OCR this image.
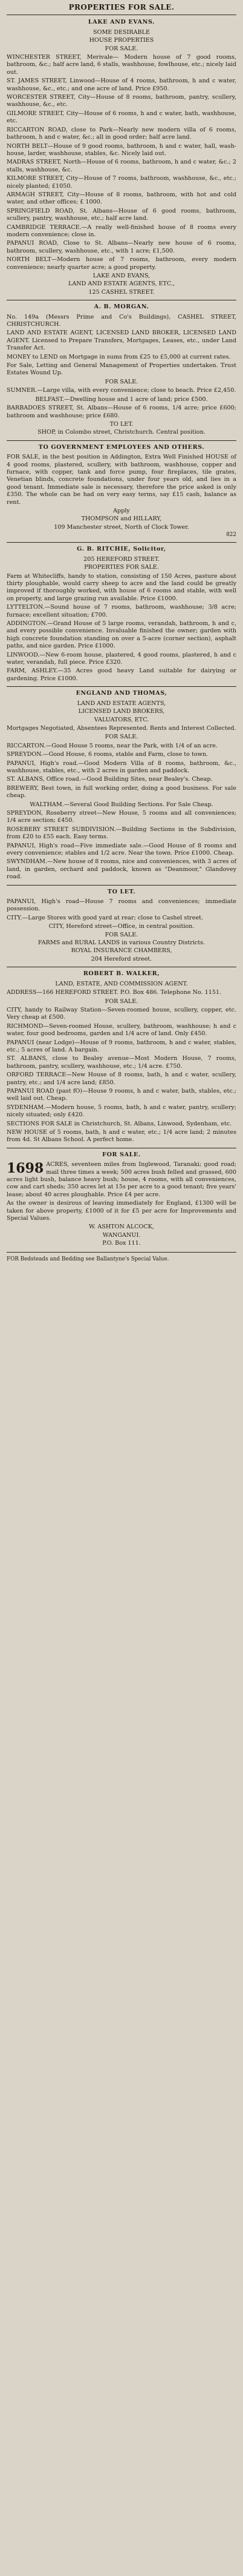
PROPERTIES FOR SALE.
LAKE AND EVANS.
SOME DESIRABLE
HOUSE PROPERTIES
FOR SALE.
WINCHESTER STREET, Merivale— Modern house of 7 good rooms, bathroom, &c.; half acre land, 6 stalls, washhouse, fowlhouse, etc.; nicely laid out.
ST. JAMES STREET, Linwood—House of 4 rooms, bathroom, h and c water, washhouse, &c., etc.; and one acre of land. Price £950.
WORCESTER STREET, City—House of 8 rooms, bathroom, pantry, scullery, washhouse, &c., etc.
GILMORE STREET, City—House of 6 rooms, h and c water, bath, washhouse, etc.
RICCARTON ROAD, close to Park—Nearly new modern villa of 6 rooms, bathroom, h and c water, &c.; all in good order; half acre land.
NORTH BELT—House of 9 good rooms, bathroom, h and c water, hall, wash-house, larder, washhouse, stables, &c. Nicely laid out.
MADRAS STREET, North—House of 6 rooms, bathroom, h and c water, &c.; 2 stalls, washhouse, &c.
KILMORE STREET, City—House of 7 rooms, bathroom, washhouse, &c., etc.; nicely planted; £1050.
ARMAGH STREET, City—House of 8 rooms, bathroom, with hot and cold water, and other offices; £ 1000.
SPRINGFIELD ROAD, St. Albans—House of 6 good rooms, bathroom, scullery, pantry, washhouse, etc.; half acre land.
CAMBRIDGE TERRACE.—A really well-finished house of 8 rooms every modern convenience; close in.
PAPANUI ROAD, Close to St. Albans—Nearly new house of 6 rooms, bathroom, scullery, washhouse, etc., with 1 acre; £1,500.
NORTH BELT—Modern house of 7 rooms, bathroom, every modern convenience; nearly quarter acre; a good property.
LAKE AND EVANS,
LAND AND ESTATE AGENTS, ETC.,
125 CASHEL STREET.
A. B. MORGAN.
No. 149a (Messrs Prime and Co's Buildings), CASHEL STREET, CHRISTCHURCH.
LAND AND ESTATE AGENT, LICENSED LAND BROKER, LICENSED LAND AGENT. Licensed to Prepare Transfers, Mortgages, Leases, etc., under Land Transfer Act.
MONEY to LEND on Mortgage in sums from £25 to £5,000 at current rates.
For Sale, Letting and General Management of Properties undertaken. Trust Estates Wound Up.
FOR SALE.
SUMNER.—Large villa, with every convenience; close to beach. Price £2,450.
BELFAST.—Dwelling house and 1 acre of land; price £500.
BARBADOES STREET, St. Albans—House of 6 rooms, 1/4 acre; price £600; bathroom and washhouse; price £680.
TO LET.
SHOP, in Colombo street, Christchurch. Central position.
TO GOVERNMENT EMPLOYEES AND OTHERS.
FOR SALE, in the best position in Addington, Extra Well Finished HOUSE of 4 good rooms, plastered, scullery, with bathroom, washhouse, copper and furnace, with copper, tank and force pump, four fireplaces, tile grates, Venetian blinds, concrete foundations, under four years old, and lies in a good tenant. Immediate sale is necessary, therefore the price asked is only £350. The whole can be had on very easy terms, say £15 cash, balance as rent.
Apply
THOMPSON and HILLARY,
109 Manchester street, North of Clock Tower.
822
G. B. RITCHIE, Solicitor,
205 HEREFORD STREET.
PROPERTIES FOR SALE.
Farm at Whitecliffs, handy to station, consisting of 150 Acres, pasture about thirty ploughable, would carry sheep to acre and the land could be greatly improved if thoroughly worked, with house of 6 rooms and stable, with well on property, and large grazing run available. Price £1000.
LYTTELTON.—Sound house of 7 rooms, bathroom, washhouse; 3/8 acre; furnace; excellent situation; £700.
ADDINGTON.—Grand House of 5 large rooms, verandah, bathroom, h and c, and every possible convenience. Invaluable finished the owner; garden with high concrete foundation standing on over a 5-acre (corner section), asphalt paths, and nice garden. Price £1000.
LINWOOD.—New 6-room house, plastered, 4 good rooms, plastered, h and c water, verandah, full piece. Price £320.
FARM, ASHLEY.—35 Acres good heavy Land suitable for dairying or gardening. Price £1000.
ENGLAND AND THOMAS,
LAND AND ESTATE AGENTS,
LICENSED LAND BROKERS,
VALUATORS, ETC.
Mortgages Negotiated, Absentees Represented. Rents and Interest Collected.
FOR SALE.
RICCARTON.—Good House 5 rooms, near the Park, with 1/4 of an acre.
SPREYDON.—Good House, 6 rooms, stable and Farm, close to town.
PAPANUI, High's road.—Good Modern Villa of 8 rooms, bathroom, &c., washhouse, stables, etc., with 2 acres in garden and paddock.
ST. ALBANS, Office road.—Good Building Sites, near Bealey's. Cheap.
BREWERY, Best town, in full working order, doing a good business. For sale cheap.
WALTHAM.—Several Good Building Sections. For Sale Cheap.
SPREYDON, Roseberry street—New House, 5 rooms and all conveniences; 1/4 acre section; £450.
ROSEBERY STREET SUBDIVISION.—Building Sections in the Subdivision, from £20 to £55 each. Easy terms.
PAPANUI, High's road—Five immediate sale.—Good House of 8 rooms and every convenience; stables and 1/2 acre. Near the town. Price £1000. Cheap.
SWYNDHAM.—New house of 8 rooms, nice and conveniences, with 3 acres of land, in garden, orchard and paddock, known as "Deanmoor," Glandovey road.
TO LET.
PAPANUI, High's road—House 7 rooms and conveniences; immediate possession.
CITY.—Large Stores with good yard at rear; close to Cashel street.
CITY, Hereford street—Office, in central position.
FOR SALE.
FARMS and RURAL LANDS in various Country Districts.
ROYAL INSURANCE CHAMBERS,
204 Hereford street.
ROBERT B. WALKER,
LAND, ESTATE, AND COMMISSION AGENT.
ADDRESS—166 HEREFORD STREET. P.O. Box 486. Telephone No. 1151.
FOR SALE.
CITY, handy to Railway Station—Seven-roomed house, scullery, copper, etc. Very cheap at £500.
RICHMOND—Seven-roomed House, scullery, bathroom, washhouse; h and c water, four good bedrooms, garden and 1/4 acre of land. Only £450.
PAPANUI (near Lodge)—House of 9 rooms, bathroom, h and c water, stables, etc.; 5 acres of land. A bargain.
ST. ALBANS, close to Bealey avenue—Most Modern House, 7 rooms, bathroom, pantry, scullery, washhouse, etc.; 1/4 acre. £750.
ORFORD TERRACE—New House of 8 rooms, bath, h and c water, scullery, pantry, etc.; and 1/4 acre land; £850.
PAPANUI ROAD (past fO)—House 9 rooms, h and c water, bath, stables, etc.; well laid out. Cheap.
SYDENHAM.—Modern house, 5 rooms, bath, h and c water, pantry, scullery; nicely situated; only £420.
SECTIONS FOR SALE in Christchurch, St. Albans, Linwood, Sydenham, etc.
NEW HOUSE of 5 rooms, bath, h and c water, etc.; 1/4 acre land; 2 minutes from 4d. St Albans School. A perfect home.
FOR SALE.
1698 ACRES, seventeen miles from Inglewood, Taranaki; good road; mail three times a week; 500 acres bush felled and grassed, 600 acres light bush, balance heavy bush; house, 4 rooms, with all conveniences, cow and cart sheds; 350 acres let at 15s per acre to a good tenant; five years' lease; about 40 acres ploughable. Price £4 per acre.
As the owner is desirous of leaving immediately for England, £1300 will be taken for above property, £1000 of it for £5 per acre for Improvements and Special Values.
W. ASHTON ALCOCK,
WANGANUI.
P.O. Box 111.
FOR Bedsteads and Bedding see Ballantyne's Special Value.
